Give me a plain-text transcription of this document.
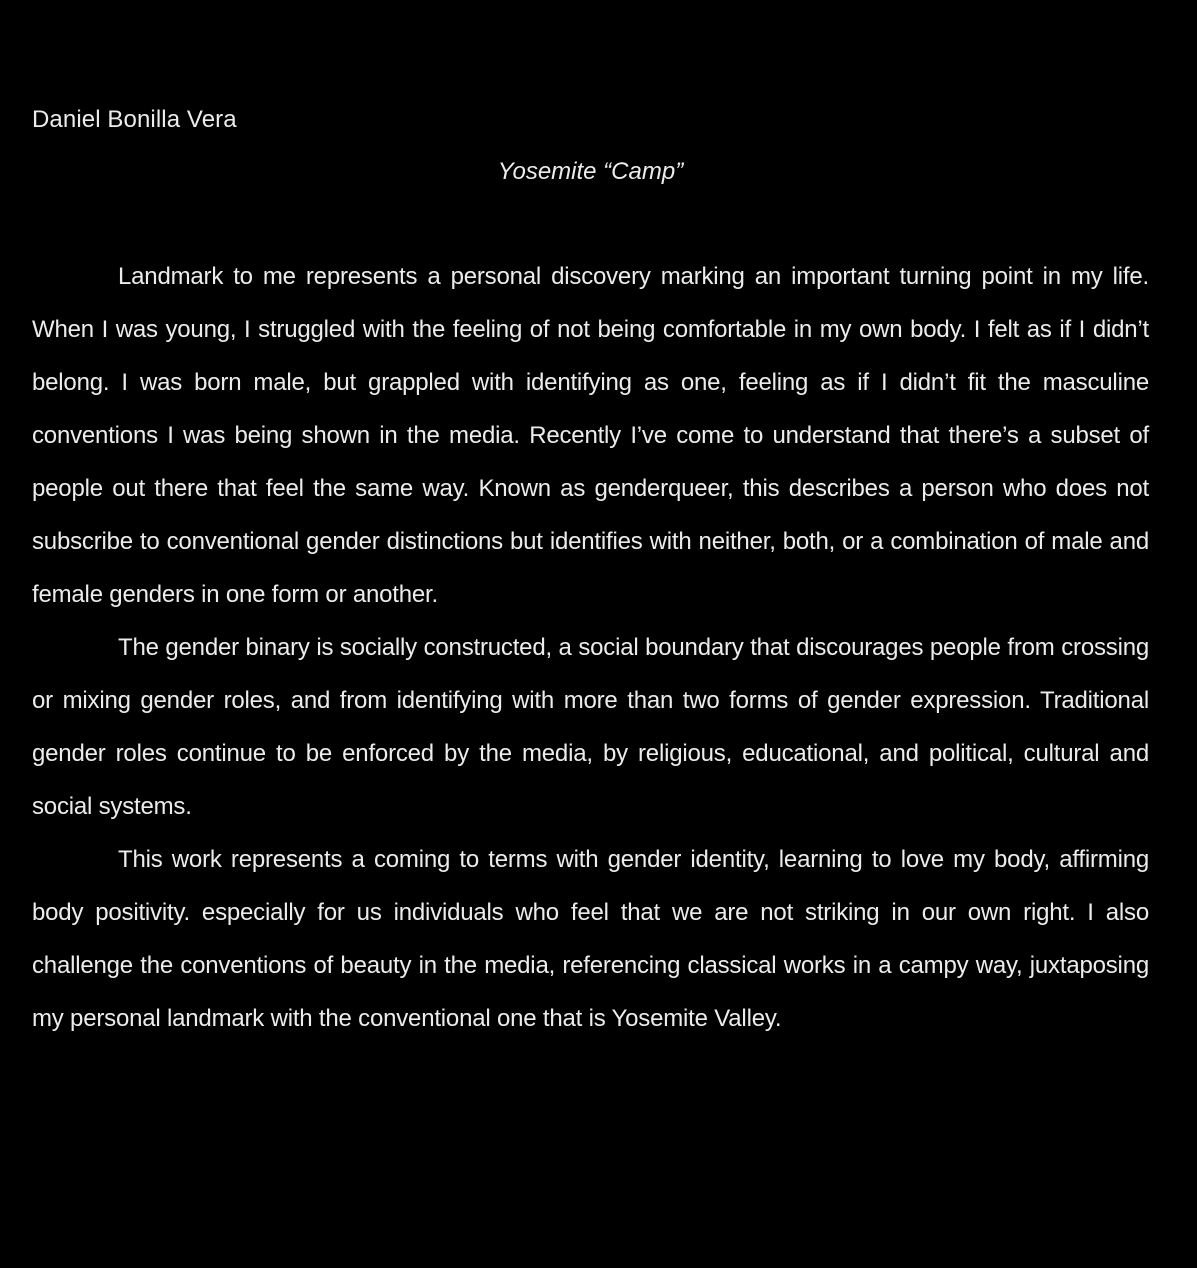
Daniel Bonilla Vera
Yosemite “Camp”

Landmark to me represents a personal discovery marking an important turning point in my life. When I was young, I struggled with the feeling of not being comfortable in my own body. I felt as if I didn’t belong. I was born male, but grappled with identifying as one, feeling as if I didn’t fit the masculine conventions I was being shown in the media. Recently I’ve come to understand that there’s a subset of people out there that feel the same way. Known as genderqueer, this describes a person who does not subscribe to conventional gender distinctions but identifies with neither, both, or a combination of male and female genders in one form or another.

The gender binary is socially constructed, a social boundary that discourages people from crossing or mixing gender roles, and from identifying with more than two forms of gender expression. Traditional gender roles continue to be enforced by the media, by religious, educational, and political, cultural and social systems.

This work represents a coming to terms with gender identity, learning to love my body, affirming body positivity. especially for us individuals who feel that we are not striking in our own right. I also challenge the conventions of beauty in the media, referencing classical works in a campy way, juxtaposing my personal landmark with the conventional one that is Yosemite Valley.
